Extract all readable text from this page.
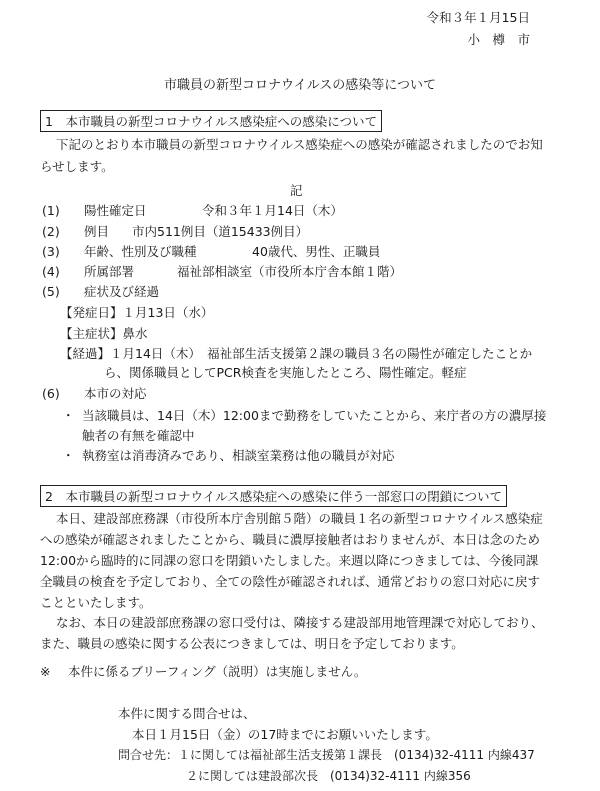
令和３年１月15日
小　樽　市
市職員の新型コロナウイルスの感染等について
1　本市職員の新型コロナウイルス感染症への感染について
下記のとおり本市職員の新型コロナウイルス感染症への感染が確認されましたのでお知
らせします。
記
(1) 陽性確定日	令和３年１月14日（木）
(2) 例目 市内511例目（道15433例目）
(3) 年齢、性別及び職種	40歳代、男性、正職員
(4) 所属部署	福祉部相談室（市役所本庁舎本館１階）
(5) 症状及び経過
【発症日】１月13日（水）
【主症状】鼻水
【経過】１月14日（木）　福祉部生活支援第２課の職員３名の陽性が確定したことか
ら、関係職員としてPCR検査を実施したところ、陽性確定。軽症
(6) 本市の対応
・ 当該職員は、14日（木）12:00まで勤務をしていたことから、来庁者の方の濃厚接
触者の有無を確認中
・ 執務室は消毒済みであり、相談室業務は他の職員が対応
2　本市職員の新型コロナウイルス感染症への感染に伴う一部窓口の閉鎖について
本日、建設部庶務課（市役所本庁舎別館５階）の職員１名の新型コロナウイルス感染症
への感染が確認されましたことから、職員に濃厚接触者はおりませんが、本日は念のため
12:00から臨時的に同課の窓口を閉鎖いたしました。来週以降につきましては、今後同課
全職員の検査を予定しており、全ての陰性が確認されれば、通常どおりの窓口対応に戻す
ことといたします。
なお、本日の建設部庶務課の窓口受付は、隣接する建設部用地管理課で対応しており、
また、職員の感染に関する公表につきましては、明日を予定しております。
※ 本件に係るブリーフィング（説明）は実施しません。
本件に関する問合せは、
本日１月15日（金）の17時までにお願いいたします。
問合せ先：１に関しては福祉部生活支援第１課長　(0134)32-4111 内線437
２に関しては建設部次長　(0134)32-4111 内線356
